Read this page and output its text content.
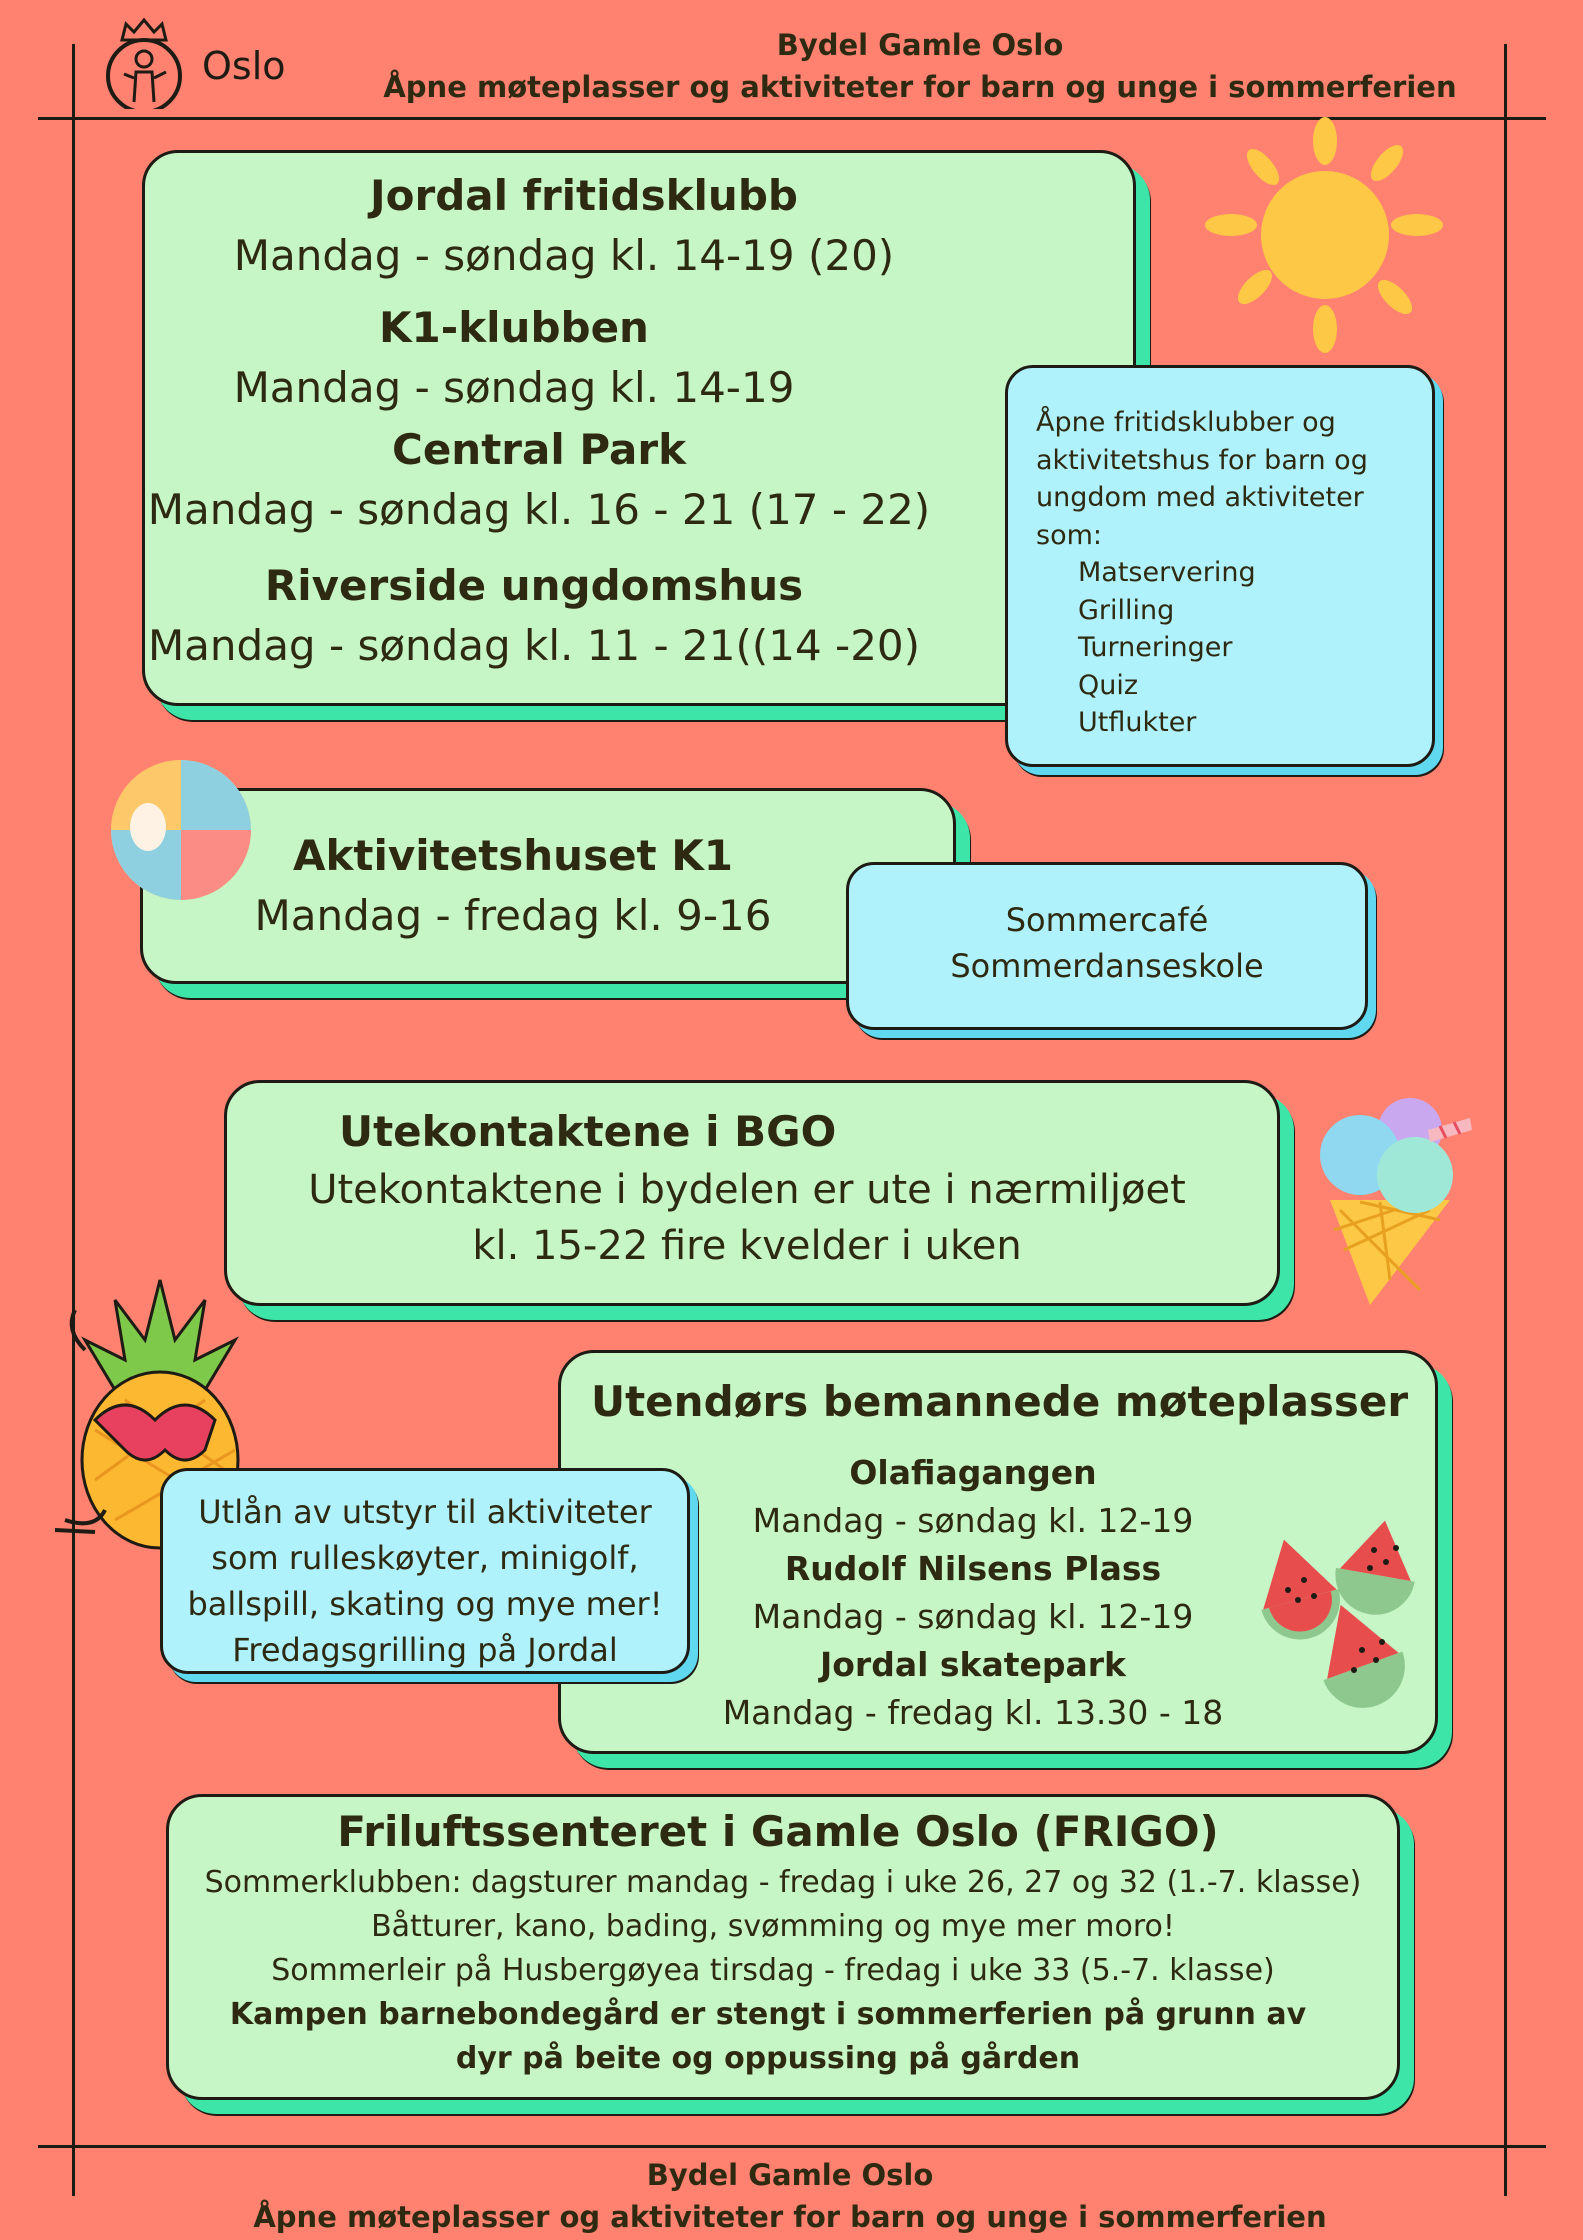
Oslo	Bydel Gamle Oslo
Åpne møteplasser og aktiviteter for barn og unge i sommerferien
Jordal fritidsklubb
Mandag - søndag kl. 14-19 (20)
K1-klubben
Mandag - søndag kl. 14-19
Central Park
Mandag - søndag kl. 16 - 21 (17 - 22)
Riverside ungdomshus
Mandag - søndag kl. 11 - 21((14 -20)
Åpne fritidsklubber og
aktivitetshus for barn og
ungdom med aktiviteter
som:
Matservering
Grilling
Turneringer
Quiz
Utflukter
Aktivitetshuset K1
Mandag - fredag kl. 9-16	Sommercafé
Sommerdanseskole
Utekontaktene i BGO
Utekontaktene i bydelen er ute i nærmiljøet
kl. 15-22 fire kvelder i uken
Utendørs bemannede møteplasser
Olafiagangen
Mandag - søndag kl. 12-19
Rudolf Nilsens Plass
Mandag - søndag kl. 12-19
Jordal skatepark
Mandag - fredag kl. 13.30 - 18
Utlån av utstyr til aktiviteter
som rulleskøyter, minigolf,
ballspill, skating og mye mer!
Fredagsgrilling på Jordal
Friluftssenteret i Gamle Oslo (FRIGO)
Sommerklubben: dagsturer mandag - fredag i uke 26, 27 og 32 (1.-7. klasse)
Båtturer, kano, bading, svømming og mye mer moro!
Sommerleir på Husbergøyea tirsdag - fredag i uke 33 (5.-7. klasse)
Kampen barnebondegård er stengt i sommerferien på grunn av
dyr på beite og oppussing på gården
Bydel Gamle Oslo
Åpne møteplasser og aktiviteter for barn og unge i sommerferien
